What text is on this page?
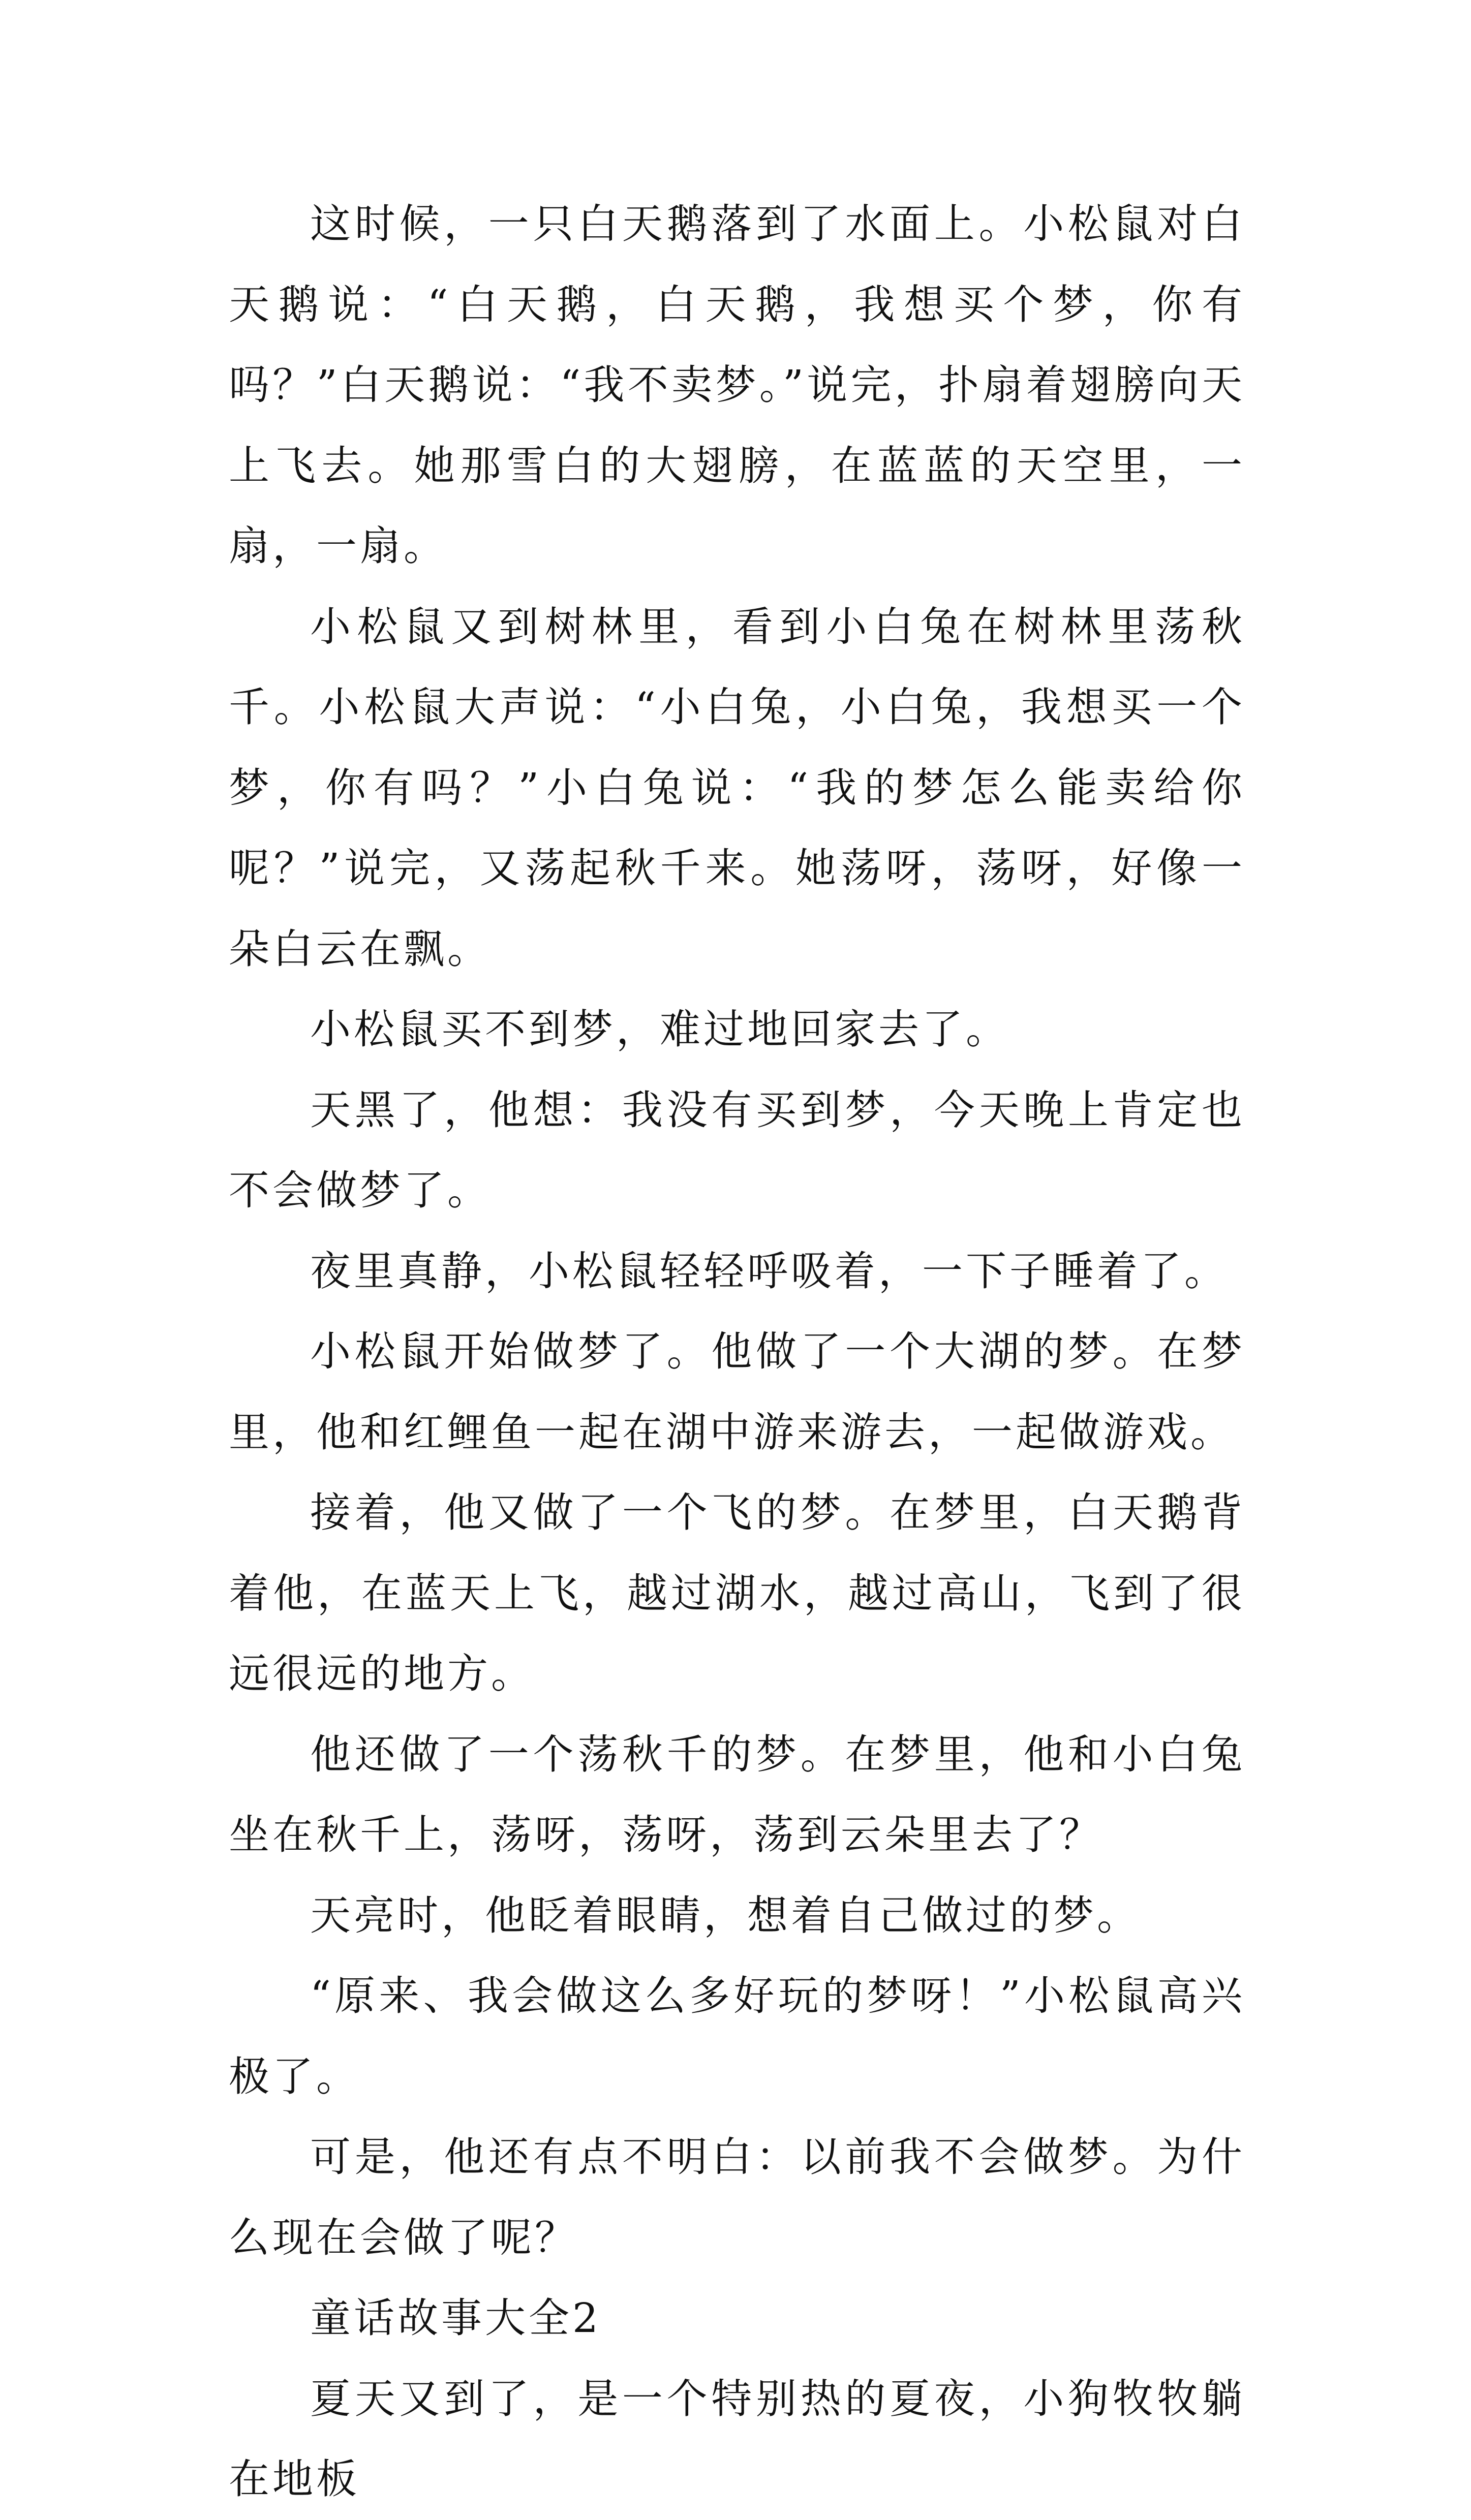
这时候，一只白天鹅落到了水面上。小松鼠对白天鹅说：“白天鹅，白天鹅，我想买个梦，你有吗？”白天鹅说：“我不卖梦。”说完，扑扇着翅膀向天上飞去。她那雪白的大翅膀，在蓝蓝的天空里，一扇，一扇。

小松鼠又到树林里，看到小白兔在树林里荡秋千。小松鼠大声说：“小白兔，小白兔，我想买一个梦，你有吗？”小白兔说：“我的梦怎么能卖给你呢？”说完，又荡起秋千来。她荡呀，荡呀，好像一朵白云在飘。

小松鼠买不到梦，难过地回家去了。

天黑了，他想：我没有买到梦，今天晚上肯定也不会做梦了。

夜里真静，小松鼠轻轻呼吸着，一下子睡着了。

小松鼠开始做梦了。他做了一个大湖的梦。在梦里，他和红鲤鱼一起在湖中游来游去，一起做游戏。

接着，他又做了一个飞的梦。在梦里，白天鹅背着他，在蓝天上飞，越过湖水，越过高山，飞到了很远很远的地方。

他还做了一个荡秋千的梦。在梦里，他和小白兔坐在秋千上，荡呀，荡呀，荡到云朵里去了？

天亮时，他眨着眼睛，想着自己做过的梦。

“原来、我会做这么多好玩的梦呀！”小松鼠高兴极了。

可是，他还有点不明白：以前我不会做梦。为什么现在会做了呢？

童话故事大全2

夏天又到了，是一个特别热的夏夜，小狗牧牧躺在地板
